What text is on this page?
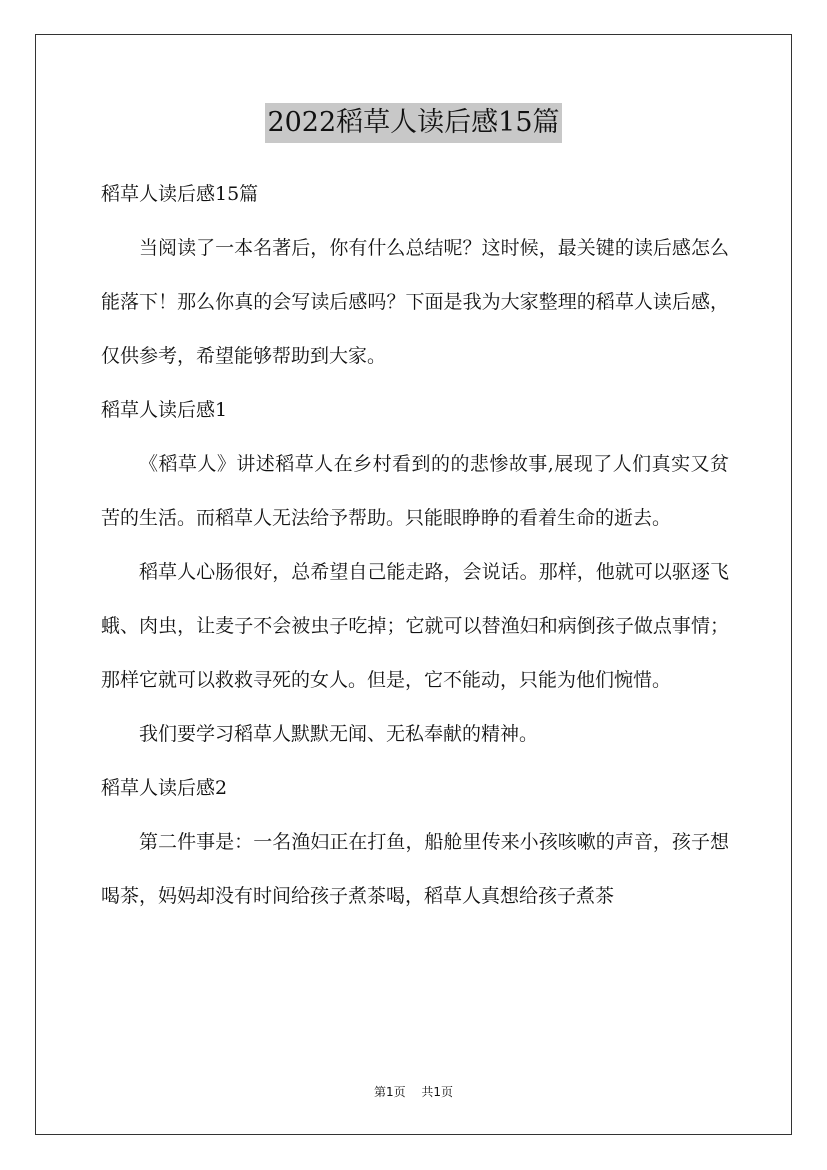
2022稻草人读后感15篇

稻草人读后感15篇

当阅读了一本名著后，你有什么总结呢？这时候，最关键的读后感怎么能落下！那么你真的会写读后感吗？下面是我为大家整理的稻草人读后感，仅供参考，希望能够帮助到大家。

稻草人读后感1

《稻草人》讲述稻草人在乡村看到的的悲惨故事,展现了人们真实又贫苦的生活。而稻草人无法给予帮助。只能眼睁睁的看着生命的逝去。

稻草人心肠很好，总希望自己能走路，会说话。那样，他就可以驱逐飞蛾、肉虫，让麦子不会被虫子吃掉；它就可以替渔妇和病倒孩子做点事情；那样它就可以救救寻死的女人。但是，它不能动，只能为他们惋惜。

我们要学习稻草人默默无闻、无私奉献的精神。

稻草人读后感2

第二件事是：一名渔妇正在打鱼，船舱里传来小孩咳嗽的声音，孩子想喝茶，妈妈却没有时间给孩子煮茶喝，稻草人真想给孩子煮茶

第1页 共1页
